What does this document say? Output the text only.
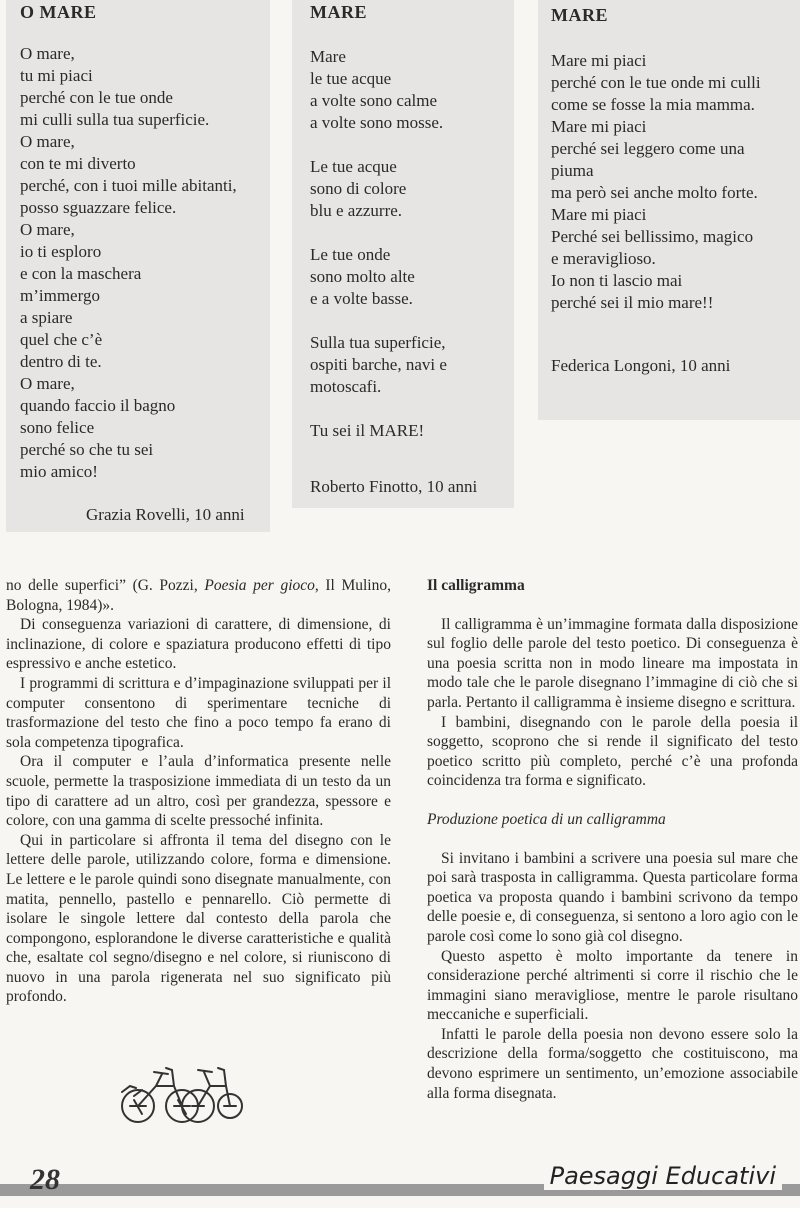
O MARE
O mare,
tu mi piaci
perché con le tue onde
mi culli sulla tua superficie.
O mare,
con te mi diverto
perché, con i tuoi mille abitanti,
posso sguazzare felice.
O mare,
io ti esploro
e con la maschera
m’immergo
a spiare
quel che c’è
dentro di te.
O mare,
quando faccio il bagno
sono felice
perché so che tu sei
mio amico!
Grazia Rovelli, 10 anni
MARE
Mare
le tue acque
a volte sono calme
a volte sono mosse.
Le tue acque
sono di colore
blu e azzurre.
Le tue onde
sono molto alte
e a volte basse.
Sulla tua superficie,
ospiti barche, navi e
motoscafi.
Tu sei il MARE!
Roberto Finotto, 10 anni
MARE
Mare mi piaci
perché con le tue onde mi culli
come se fosse la mia mamma.
Mare mi piaci
perché sei leggero come una
piuma
ma però sei anche molto forte.
Mare mi piaci
Perché sei bellissimo, magico
e meraviglioso.
Io non ti lascio mai
perché sei il mio mare!!
Federica Longoni, 10 anni

no delle superfici” (G. Pozzi, Poesia per gioco, Il Mulino, Bologna, 1984)».

Di conseguenza variazioni di carattere, di dimensione, di inclinazione, di colore e spaziatura producono effetti di tipo espressivo e anche estetico.

I programmi di scrittura e d’impaginazione sviluppati per il computer consentono di sperimentare tecniche di trasformazione del testo che fino a poco tempo fa erano di sola competenza tipografica.

Ora il computer e l’aula d’informatica presente nelle scuole, permette la trasposizione immediata di un testo da un tipo di carattere ad un altro, così per grandezza, spessore e colore, con una gamma di scelte pressoché infinita.

Qui in particolare si affronta il tema del disegno con le lettere delle parole, utilizzando colore, forma e dimensione. Le lettere e le parole quindi sono disegnate manualmente, con matita, pennello, pastello e pennarello. Ciò permette di isolare le singole lettere dal contesto della parola che compongono, esplorandone le diverse caratteristiche e qualità che, esaltate col segno/disegno e nel colore, si riuniscono di nuovo in una parola rigenerata nel suo significato più profondo.

Il calligramma

Il calligramma è un’immagine formata dalla disposizione sul foglio delle parole del testo poetico. Di conseguenza è una poesia scritta non in modo lineare ma impostata in modo tale che le parole disegnano l’immagine di ciò che si parla. Pertanto il calligramma è insieme disegno e scrittura.

I bambini, disegnando con le parole della poesia il soggetto, scoprono che si rende il significato del testo poetico scritto più completo, perché c’è una profonda coincidenza tra forma e significato.

Produzione poetica di un calligramma

Si invitano i bambini a scrivere una poesia sul mare che poi sarà trasposta in calligramma. Questa particolare forma poetica va proposta quando i bambini scrivono da tempo delle poesie e, di conseguenza, si sentono a loro agio con le parole così come lo sono già col disegno.

Questo aspetto è molto importante da tenere in considerazione perché altrimenti si corre il rischio che le immagini siano meravigliose, mentre le parole risultano meccaniche e superficiali.

Infatti le parole della poesia non devono essere solo la descrizione della forma/soggetto che costituiscono, ma devono esprimere un sentimento, un’emozione associabile alla forma disegnata.

28	Paesaggi Educativi
